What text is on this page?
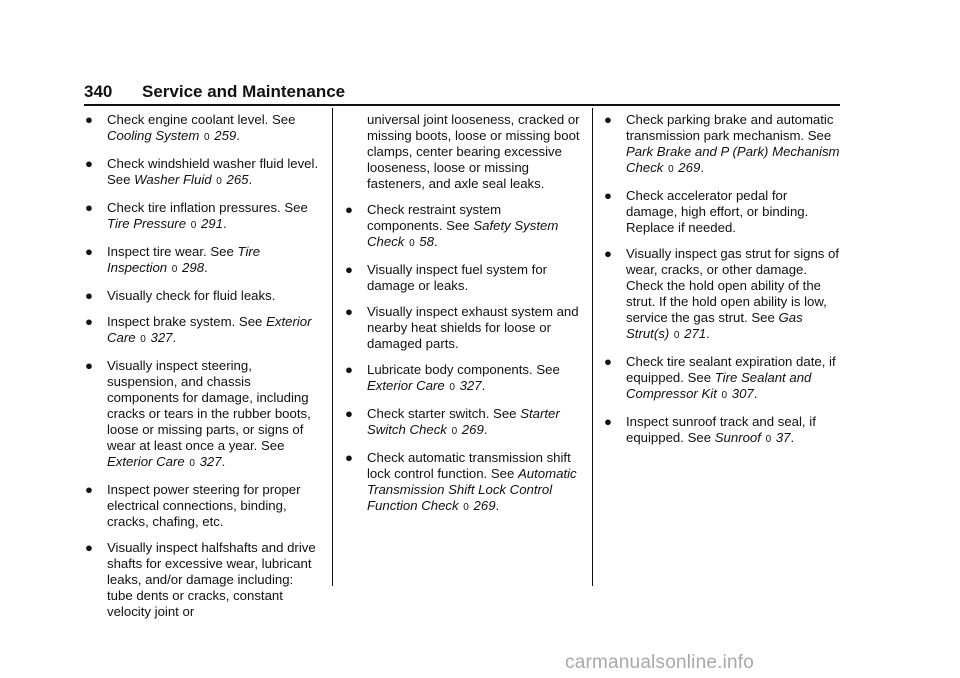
340 Service and Maintenance
● Check engine coolant level. See Cooling System 0 259.
● Check windshield washer fluid level. See Washer Fluid 0 265.
● Check tire inflation pressures. See Tire Pressure 0 291.
● Inspect tire wear. See Tire Inspection 0 298.
● Visually check for fluid leaks.
● Inspect brake system. See Exterior Care 0 327.
● Visually inspect steering, suspension, and chassis components for damage, including cracks or tears in the rubber boots, loose or missing parts, or signs of wear at least once a year. See Exterior Care 0 327.
● Inspect power steering for proper electrical connections, binding, cracks, chafing, etc.
● Visually inspect halfshafts and drive shafts for excessive wear, lubricant leaks, and/or damage including: tube dents or cracks, constant velocity joint or
universal joint looseness, cracked or missing boots, loose or missing boot clamps, center bearing excessive looseness, loose or missing fasteners, and axle seal leaks.
● Check restraint system components. See Safety System Check 0 58.
● Visually inspect fuel system for damage or leaks.
● Visually inspect exhaust system and nearby heat shields for loose or damaged parts.
● Lubricate body components. See Exterior Care 0 327.
● Check starter switch. See Starter Switch Check 0 269.
● Check automatic transmission shift lock control function. See Automatic Transmission Shift Lock Control Function Check 0 269.
● Check parking brake and automatic transmission park mechanism. See Park Brake and P (Park) Mechanism Check 0 269.
● Check accelerator pedal for damage, high effort, or binding. Replace if needed.
● Visually inspect gas strut for signs of wear, cracks, or other damage. Check the hold open ability of the strut. If the hold open ability is low, service the gas strut. See Gas Strut(s) 0 271.
● Check tire sealant expiration date, if equipped. See Tire Sealant and Compressor Kit 0 307.
● Inspect sunroof track and seal, if equipped. See Sunroof 0 37.
carmanualsonline.info
